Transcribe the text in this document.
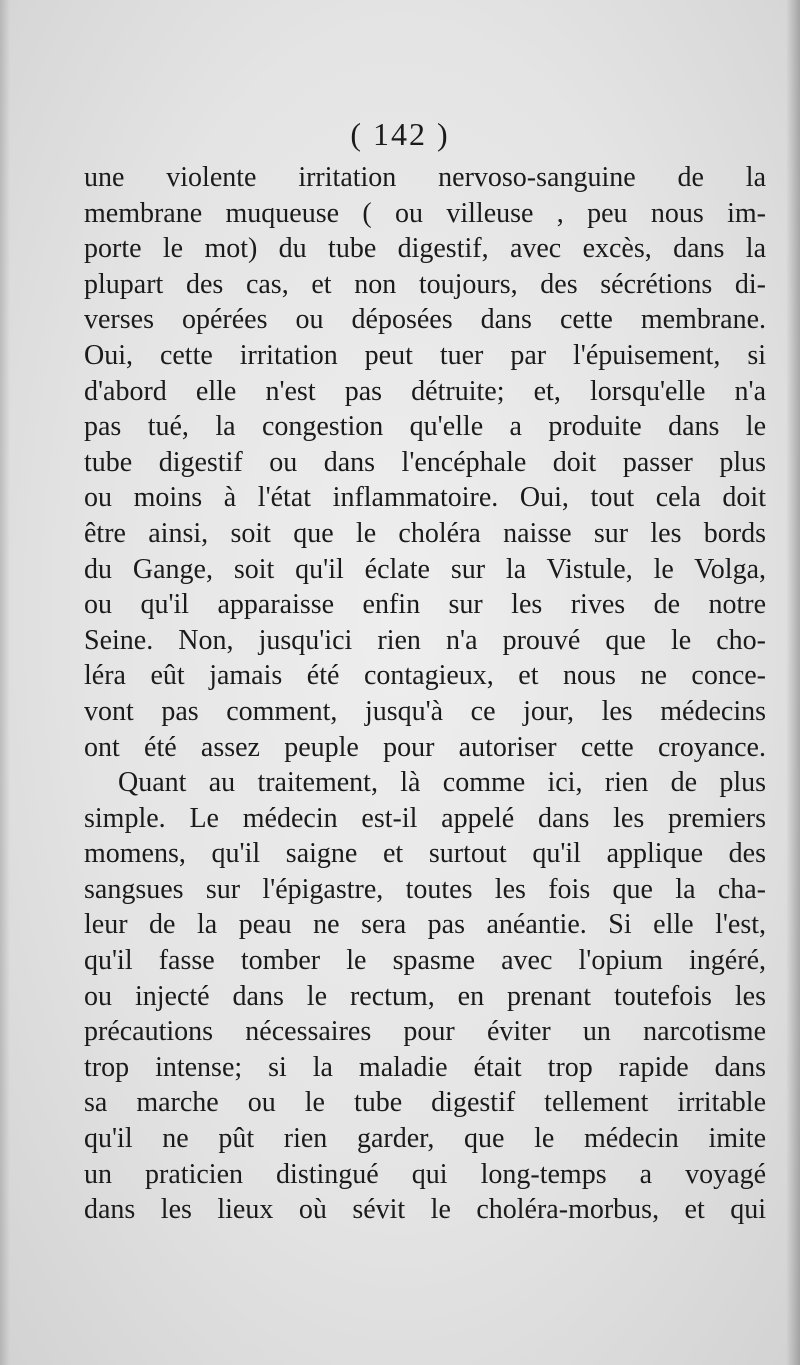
( 142 )
une violente irritation nervoso-sanguine de la
membrane muqueuse ( ou villeuse , peu nous im-
porte le mot) du tube digestif, avec excès, dans la
plupart des cas, et non toujours, des sécrétions di-
verses opérées ou déposées dans cette membrane.
Oui, cette irritation peut tuer par l'épuisement, si
d'abord elle n'est pas détruite; et, lorsqu'elle n'a
pas tué, la congestion qu'elle a produite dans le
tube digestif ou dans l'encéphale doit passer plus
ou moins à l'état inflammatoire. Oui, tout cela doit
être ainsi, soit que le choléra naisse sur les bords
du Gange, soit qu'il éclate sur la Vistule, le Volga,
ou qu'il apparaisse enfin sur les rives de notre
Seine. Non, jusqu'ici rien n'a prouvé que le cho-
léra eût jamais été contagieux, et nous ne conce-
vont pas comment, jusqu'à ce jour, les médecins
ont été assez peuple pour autoriser cette croyance.
Quant au traitement, là comme ici, rien de plus
simple. Le médecin est-il appelé dans les premiers
momens, qu'il saigne et surtout qu'il applique des
sangsues sur l'épigastre, toutes les fois que la cha-
leur de la peau ne sera pas anéantie. Si elle l'est,
qu'il fasse tomber le spasme avec l'opium ingéré,
ou injecté dans le rectum, en prenant toutefois les
précautions nécessaires pour éviter un narcotisme
trop intense; si la maladie était trop rapide dans
sa marche ou le tube digestif tellement irritable
qu'il ne pût rien garder, que le médecin imite
un praticien distingué qui long-temps a voyagé
dans les lieux où sévit le choléra-morbus, et qui
